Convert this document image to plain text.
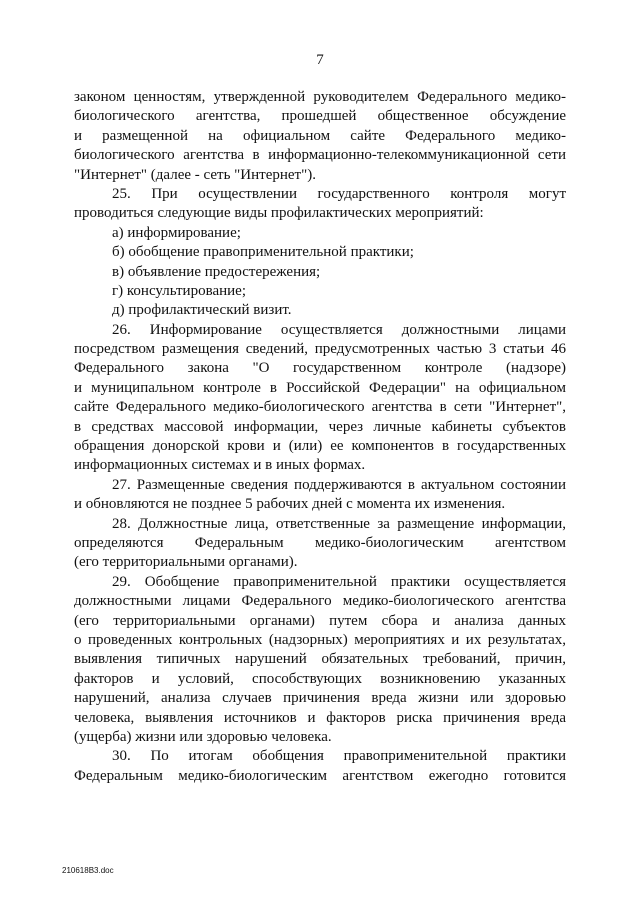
7
законом ценностям, утвержденной руководителем Федерального медико-
биологического агентства, прошедшей общественное обсуждение
и размещенной на официальном сайте Федерального медико-
биологического агентства в информационно-телекоммуникационной сети
"Интернет" (далее - сеть "Интернет").
25. При осуществлении государственного контроля могут
проводиться следующие виды профилактических мероприятий:
а) информирование;
б) обобщение правоприменительной практики;
в) объявление предостережения;
г) консультирование;
д) профилактический визит.
26. Информирование осуществляется должностными лицами
посредством размещения сведений, предусмотренных частью 3 статьи 46
Федерального закона "О государственном контроле (надзоре)
и муниципальном контроле в Российской Федерации" на официальном
сайте Федерального медико-биологического агентства в сети "Интернет",
в средствах массовой информации, через личные кабинеты субъектов
обращения донорской крови и (или) ее компонентов в государственных
информационных системах и в иных формах.
27. Размещенные сведения поддерживаются в актуальном состоянии
и обновляются не позднее 5 рабочих дней с момента их изменения.
28. Должностные лица, ответственные за размещение информации,
определяются Федеральным медико-биологическим агентством
(его территориальными органами).
29. Обобщение правоприменительной практики осуществляется
должностными лицами Федерального медико-биологического агентства
(его территориальными органами) путем сбора и анализа данных
о проведенных контрольных (надзорных) мероприятиях и их результатах,
выявления типичных нарушений обязательных требований, причин,
факторов и условий, способствующих возникновению указанных
нарушений, анализа случаев причинения вреда жизни или здоровью
человека, выявления источников и факторов риска причинения вреда
(ущерба) жизни или здоровью человека.
30. По итогам обобщения правоприменительной практики
Федеральным медико-биологическим агентством ежегодно готовится
210618B3.doc
